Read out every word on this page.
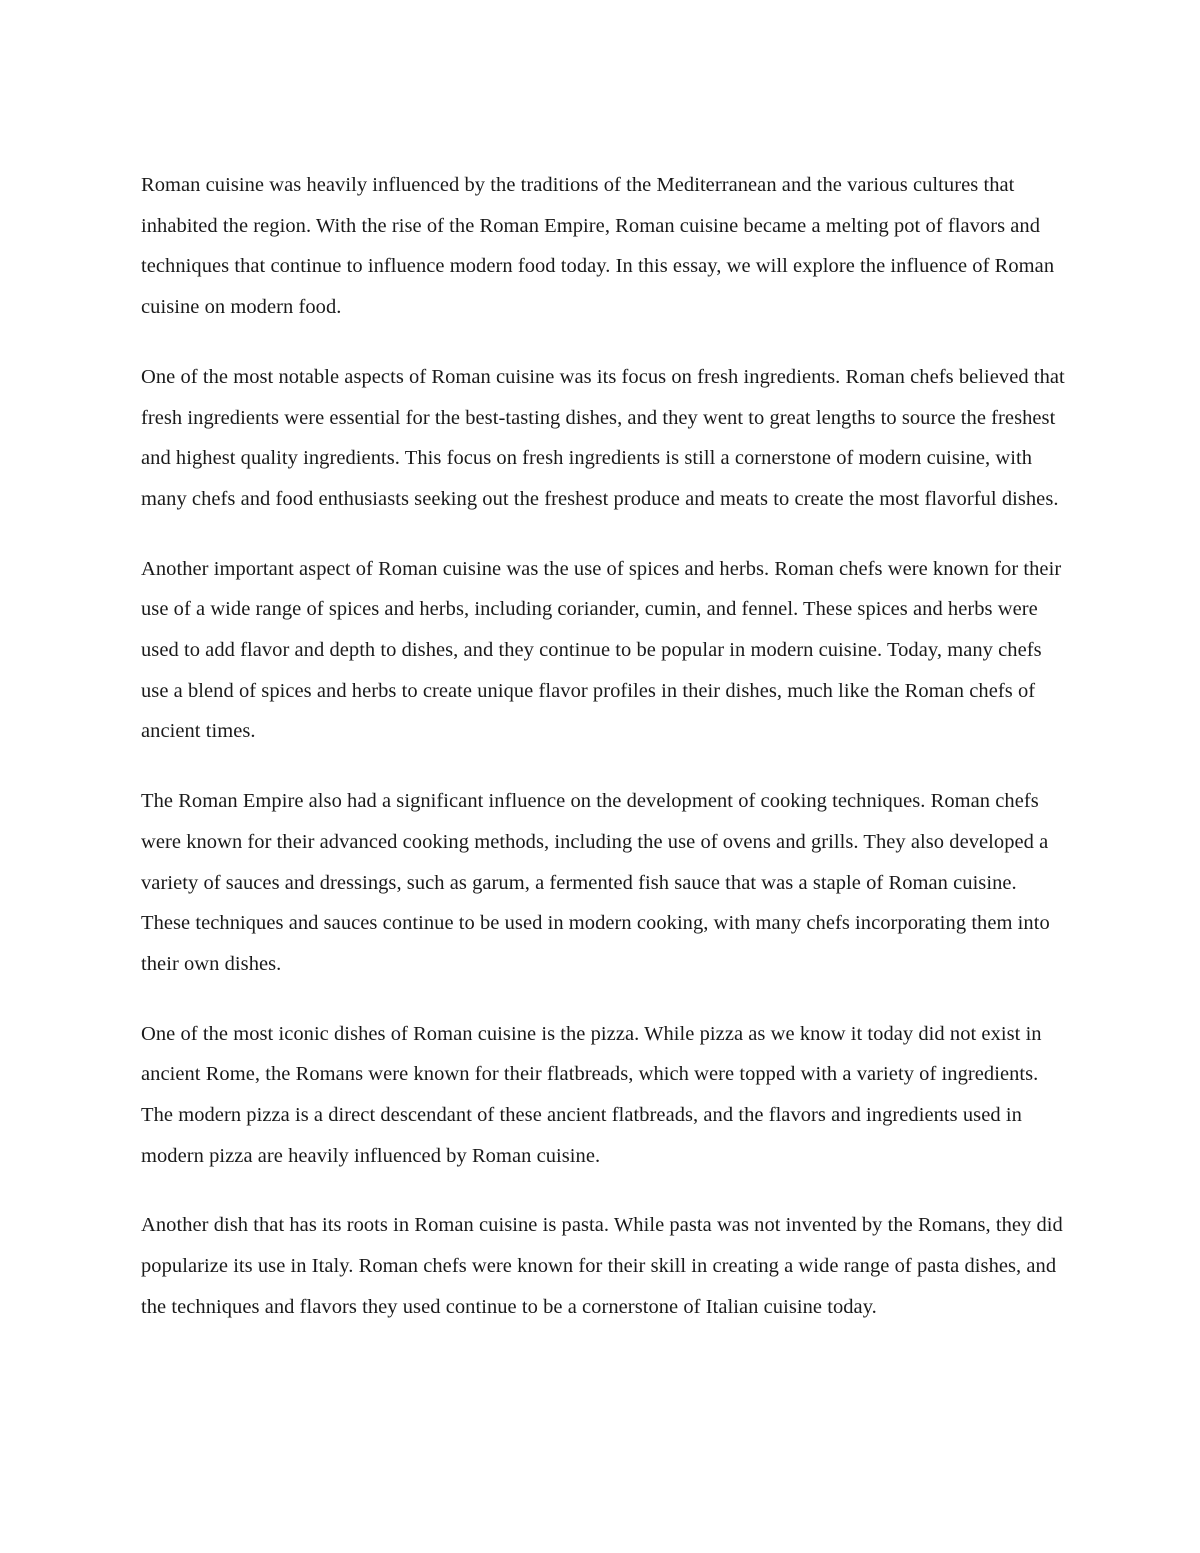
Roman cuisine was heavily influenced by the traditions of the Mediterranean and the various cultures that inhabited the region. With the rise of the Roman Empire, Roman cuisine became a melting pot of flavors and techniques that continue to influence modern food today. In this essay, we will explore the influence of Roman cuisine on modern food.

One of the most notable aspects of Roman cuisine was its focus on fresh ingredients. Roman chefs believed that fresh ingredients were essential for the best-tasting dishes, and they went to great lengths to source the freshest and highest quality ingredients. This focus on fresh ingredients is still a cornerstone of modern cuisine, with many chefs and food enthusiasts seeking out the freshest produce and meats to create the most flavorful dishes.

Another important aspect of Roman cuisine was the use of spices and herbs. Roman chefs were known for their use of a wide range of spices and herbs, including coriander, cumin, and fennel. These spices and herbs were used to add flavor and depth to dishes, and they continue to be popular in modern cuisine. Today, many chefs use a blend of spices and herbs to create unique flavor profiles in their dishes, much like the Roman chefs of ancient times.

The Roman Empire also had a significant influence on the development of cooking techniques. Roman chefs were known for their advanced cooking methods, including the use of ovens and grills. They also developed a variety of sauces and dressings, such as garum, a fermented fish sauce that was a staple of Roman cuisine. These techniques and sauces continue to be used in modern cooking, with many chefs incorporating them into their own dishes.

One of the most iconic dishes of Roman cuisine is the pizza. While pizza as we know it today did not exist in ancient Rome, the Romans were known for their flatbreads, which were topped with a variety of ingredients. The modern pizza is a direct descendant of these ancient flatbreads, and the flavors and ingredients used in modern pizza are heavily influenced by Roman cuisine.

Another dish that has its roots in Roman cuisine is pasta. While pasta was not invented by the Romans, they did popularize its use in Italy. Roman chefs were known for their skill in creating a wide range of pasta dishes, and the techniques and flavors they used continue to be a cornerstone of Italian cuisine today.
